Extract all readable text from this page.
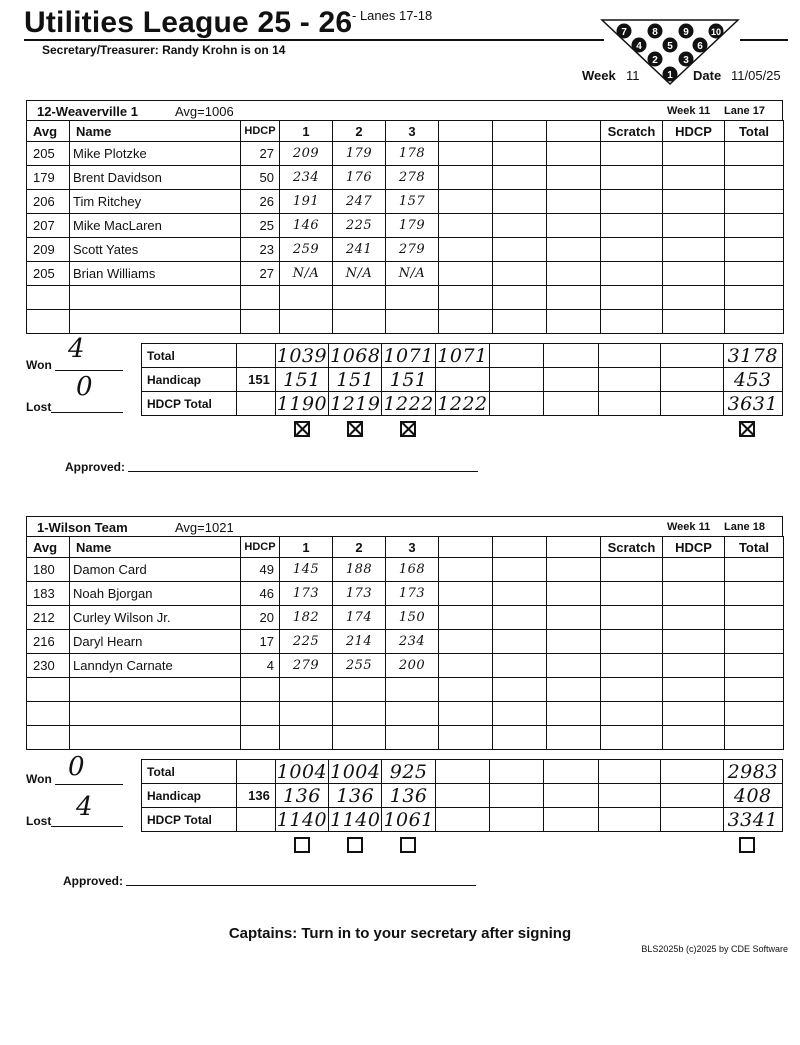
Utilities League 25 - 26 - Lanes 17-18
Secretary/Treasurer: Randy Krohn is on 14
7	8	9 10
4	5 6
2	3
1
Week 11	Date 11/05/25
12-Weaverville 1	Avg=1006	Week 11 Lane 17
Avg	Name	HDCP	1	2	3				Scratch	HDCP	Total
205	Mike Plotzke	27	209	179	178						
179	Brent Davidson	50	234	176	278						
206	Tim Ritchey	26	191	247	157						
207	Mike MacLaren	25	146	225	179						
209	Scott Yates	23	259	241	279						
205	Brian Williams	27	N/A	N/A	N/A						

Total		1039	1068	1071	1071					3178
Handicap	151	151	151	151						453
HDCP Total		1190	1219	1222	1222					3631
Won
4
Lost
0
Approved:
1-Wilson Team	Avg=1021	Week 11 Lane 18
Avg	Name	HDCP	1	2	3				Scratch	HDCP	Total
180	Damon Card	49	145	188	168						
183	Noah Bjorgan	46	173	173	173						
212	Curley Wilson Jr.	20	182	174	150						
216	Daryl Hearn	17	225	214	234						
230	Lanndyn Carnate	4	279	255	200						

Total		1004	1004	925						2983
Handicap	136	136	136	136						408
HDCP Total		1140	1140	1061						3341
Won 0
Lost 4
Approved:
Captains: Turn in to your secretary after signing
BLS2025b (c)2025 by CDE Software
